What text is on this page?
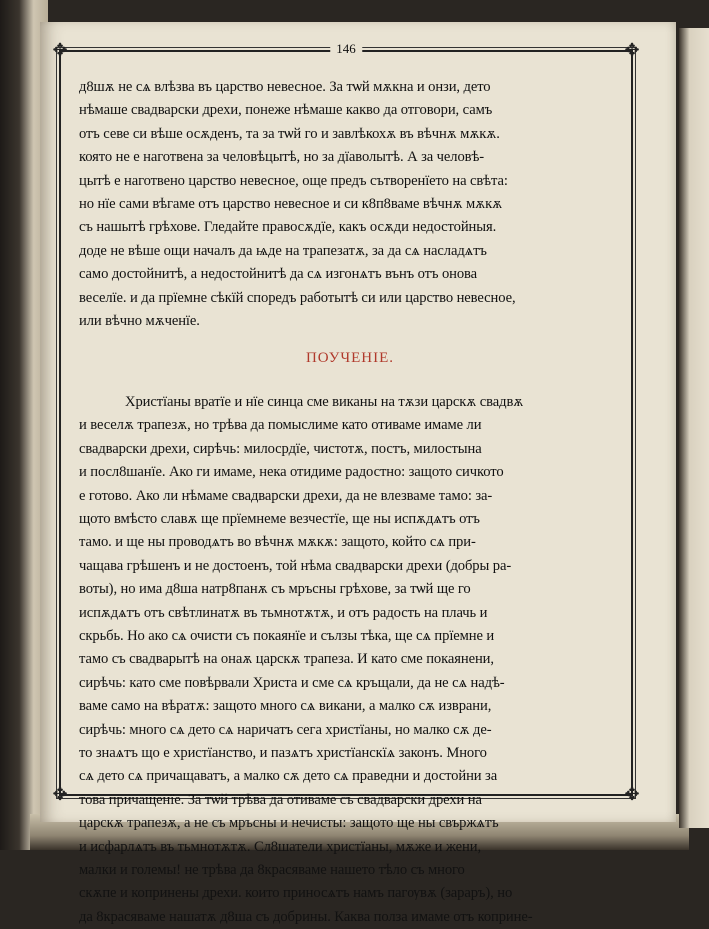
✥	✥
✥	✥
146
д8шѫ не сѧ влѣзва въ царство невесное. За тѡй мѫкна и онзи, дето
нѣмаше свадварски дрехи, понеже нѣмаше какво да отговори, самъ
отъ севе си вѣше осѫденъ, та за тѡй го и завлѣкохѫ въ вѣчнѫ мѫкѫ.
която не е наготвена за человѣцытѣ, но за дїаволытѣ. А за человѣ-
цытѣ е наготвено царство невесное, още предъ сътворенїето на свѣта:
но нїе сами вѣгаме отъ царство невесное и си к8п8ваме вѣчнѫ мѫкѫ
съ нашытѣ грѣхове. Гледайте правосѫдїе, какъ осѫди недостойныя.
доде не вѣше ощи началъ да ѩде на трапезатѫ, за да сѧ насладѧтъ
само достойнитѣ, а недостойнитѣ да сѧ изгонѧтъ вънъ отъ онова
веселїе. и да прїемне сѣкїй споредъ работытѣ си или царство невесное,
или вѣчно мѫченїе.
ПОУЧЕНІЕ.
Христїаны вратїе и нїе синца сме виканы на тѫзи царскѫ свадвѫ
и веселѫ трапезѫ, но трѣва да помыслиме като отиваме имаме ли
свадварски дрехи, сирѣчь: милосрдїе, чистотѫ, постъ, милостына
и посл8шанїе. Ако ги имаме, нека отидиме радостно: защото сичкото
е готово. Ако ли нѣмаме свадварски дрехи, да не влезваме тамо: за-
щото вмѣсто славѫ ще прїемнеме везчестїе, ще ны испѫдѧтъ отъ
тамо. и ще ны проводѧтъ во вѣчнѫ мѫкѫ: защото, който сѧ при-
чащава грѣшенъ и не достоенъ, той нѣма свадварски дрехи (добры ра-
воты), но има д8ша натр8панѫ съ мръсны грѣхове, за тѡй ще го
испѫдѧтъ отъ свѣтлинатѫ въ тьмнотѫтѫ, и отъ радость на плачь и
скрьбь. Но ако сѧ очисти съ покаянїе и сълзы тѣка, ще сѧ прїемне и
тамо съ свадварытѣ на онаѫ царскѫ трапеза. И като сме покаянени,
сирѣчь: като сме повѣрвали Христа и сме сѧ кръщали, да не сѧ надѣ-
ваме само на вѣратѫ: защото много сѧ викани, а малко сѫ изврани,
сирѣчь: много сѧ дето сѧ наричатъ сега христїаны, но малко сѫ де-
то знаѧтъ що е христїанство, и пазѧтъ христїанскїѧ законъ. Много
сѧ дето сѧ причащаватъ, а малко сѫ дето сѧ праведни и достойни за
това причащенїе. За тѡй трѣва да отиваме съ свадварски дрехи на
царскѫ трапезѫ, а не съ мръсны и нечисты: защото ще ны свържѧтъ
и исфарлѧтъ въ тьмнотѫтѫ. Сл8шатели христїаны, мѫже и жени,
малки и големы! не трѣва да 8красяваме нашето тѣло съ много
скѫпе и копринены дрехи. които приносѧтъ намъ пагѹвѫ (зараръ), но
да 8красяваме нашатѫ д8ша съ добрины. Каква полза имаме отъ коприне-
